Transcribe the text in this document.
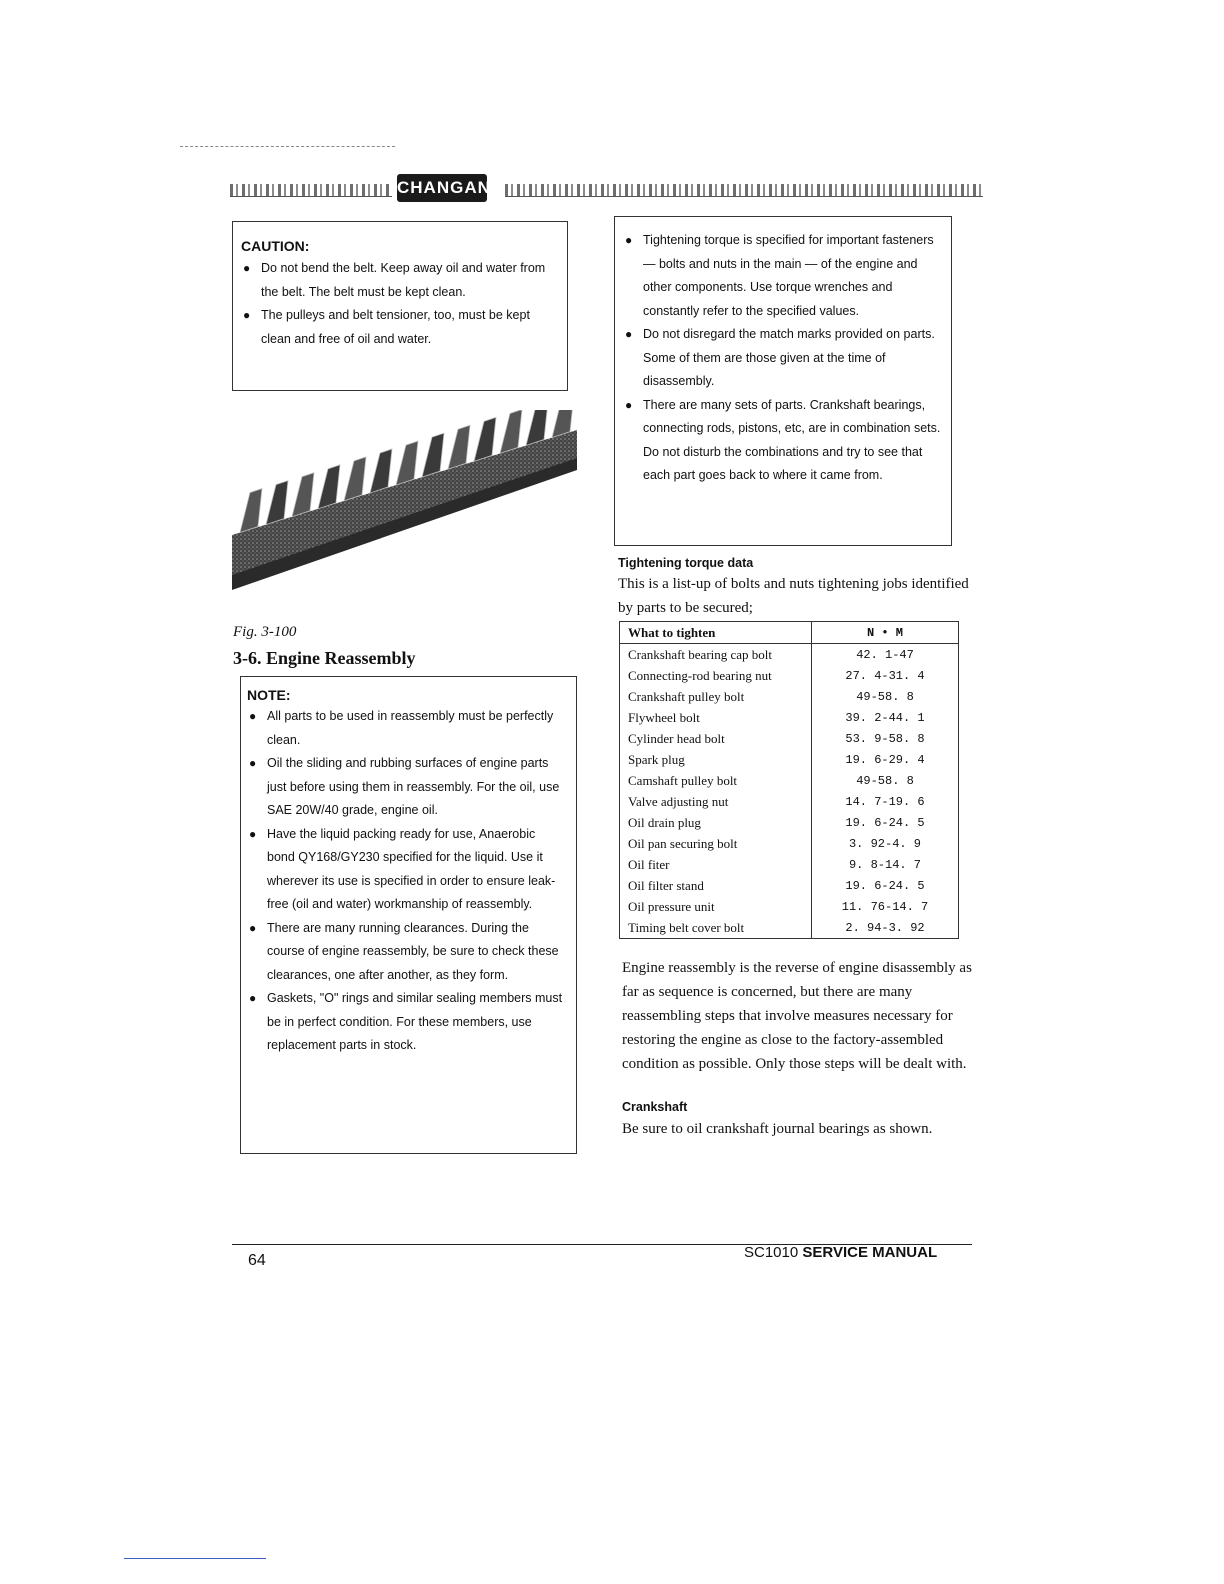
CHANGAN
CAUTION:
● Do not bend the belt. Keep away oil and water from the belt. The belt must be kept clean.
● The pulleys and belt tensioner, too, must be kept clean and free of oil and water.
Fig. 3-100
3-6. Engine Reassembly
NOTE:
● All parts to be used in reassembly must be perfectly clean.
● Oil the sliding and rubbing surfaces of engine parts just before using them in reassembly. For the oil, use SAE 20W/40 grade, engine oil.
● Have the liquid packing ready for use, Anaerobic bond QY168/GY230 specified for the liquid. Use it wherever its use is specified in order to ensure leak-free (oil and water) workmanship of reassembly.
● There are many running clearances. During the course of engine reassembly, be sure to check these clearances, one after another, as they form.
● Gaskets, "O" rings and similar sealing members must be in perfect condition. For these members, use replacement parts in stock.
● Tightening torque is specified for important fasteners — bolts and nuts in the main — of the engine and other components. Use torque wrenches and constantly refer to the specified values.
● Do not disregard the match marks provided on parts. Some of them are those given at the time of disassembly.
● There are many sets of parts. Crankshaft bearings, connecting rods, pistons, etc, are in combination sets. Do not disturb the combinations and try to see that each part goes back to where it came from.
Tightening torque data
This is a list-up of bolts and nuts tightening jobs identified by parts to be secured;
What to tighten	N • M
Crankshaft bearing cap bolt	42. 1-47
Connecting-rod bearing nut	27. 4-31. 4
Crankshaft pulley bolt	49-58. 8
Flywheel bolt	39. 2-44. 1
Cylinder head bolt	53. 9-58. 8
Spark plug	19. 6-29. 4
Camshaft pulley bolt	49-58. 8
Valve adjusting nut	14. 7-19. 6
Oil drain plug	19. 6-24. 5
Oil pan securing bolt	3. 92-4. 9
Oil fiter	9. 8-14. 7
Oil filter stand	19. 6-24. 5
Oil pressure unit	11. 76-14. 7
Timing belt cover bolt	2. 94-3. 92
Engine reassembly is the reverse of engine disassembly as far as sequence is concerned, but there are many reassembling steps that involve measures necessary for restoring the engine as close to the factory-assembled condition as possible. Only those steps will be dealt with.
Crankshaft
Be sure to oil crankshaft journal bearings as shown.
64	SC1010 SERVICE MANUAL
